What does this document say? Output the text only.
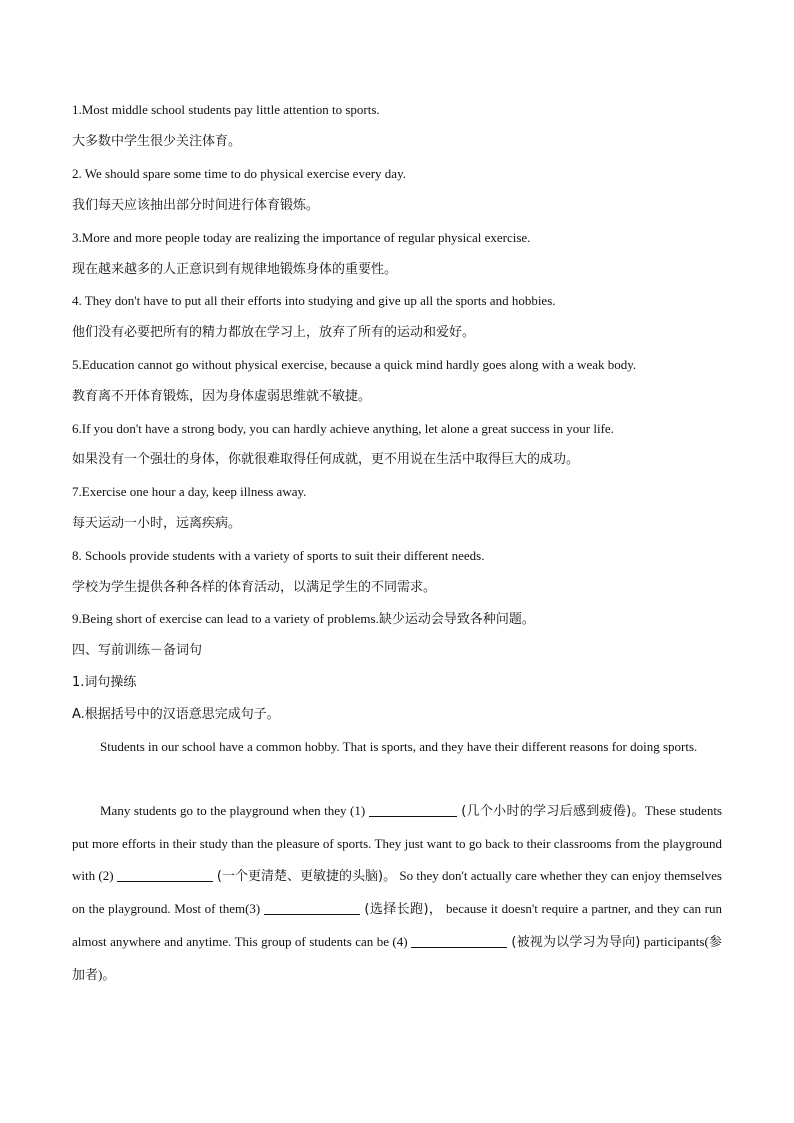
1.Most middle school students pay little attention to sports.
大多数中学生很少关注体育。
2. We should spare some time to do physical exercise every day.
我们每天应该抽出部分时间进行体育锻炼。
3.More and more people today are realizing the importance of regular physical exercise.
现在越来越多的人正意识到有规律地锻炼身体的重要性。
4. They don't have to put all their efforts into studying and give up all the sports and hobbies.
他们没有必要把所有的精力都放在学习上，放弃了所有的运动和爱好。
5.Education cannot go without physical exercise, because a quick mind hardly goes along with a weak body.
教育离不开体育锻炼，因为身体虚弱思维就不敏捷。
6.If you don't have a strong body, you can hardly achieve anything, let alone a great success in your life.
如果没有一个强壮的身体，你就很难取得任何成就，更不用说在生活中取得巨大的成功。
7.Exercise one hour a day, keep illness away.
每天运动一小时，远离疾病。
8. Schools provide students with a variety of sports to suit their different needs.
学校为学生提供各种各样的体育活动，以满足学生的不同需求。
9.Being short of exercise can lead to a variety of problems.缺少运动会导致各种问题。
四、写前训练－备词句
1.词句操练
A.根据括号中的汉语意思完成句子。

Students in our school have a common hobby. That is sports, and they have their different reasons for doing sports.

Many students go to the playground when they (1)	(几个小时的学习后感到疲倦)。These students put more efforts in their study than the pleasure of sports. They just want to go back to their classrooms from the playground with (2)	(一个更清楚、更敏捷的头脑)。 So they don't actually care whether they can enjoy themselves on the playground. Most of them(3)	(选择长跑)， because it doesn't require a partner, and they can run almost anywhere and anytime. This group of students can be (4)	(被视为以学习为导向) participants(参加者)。
